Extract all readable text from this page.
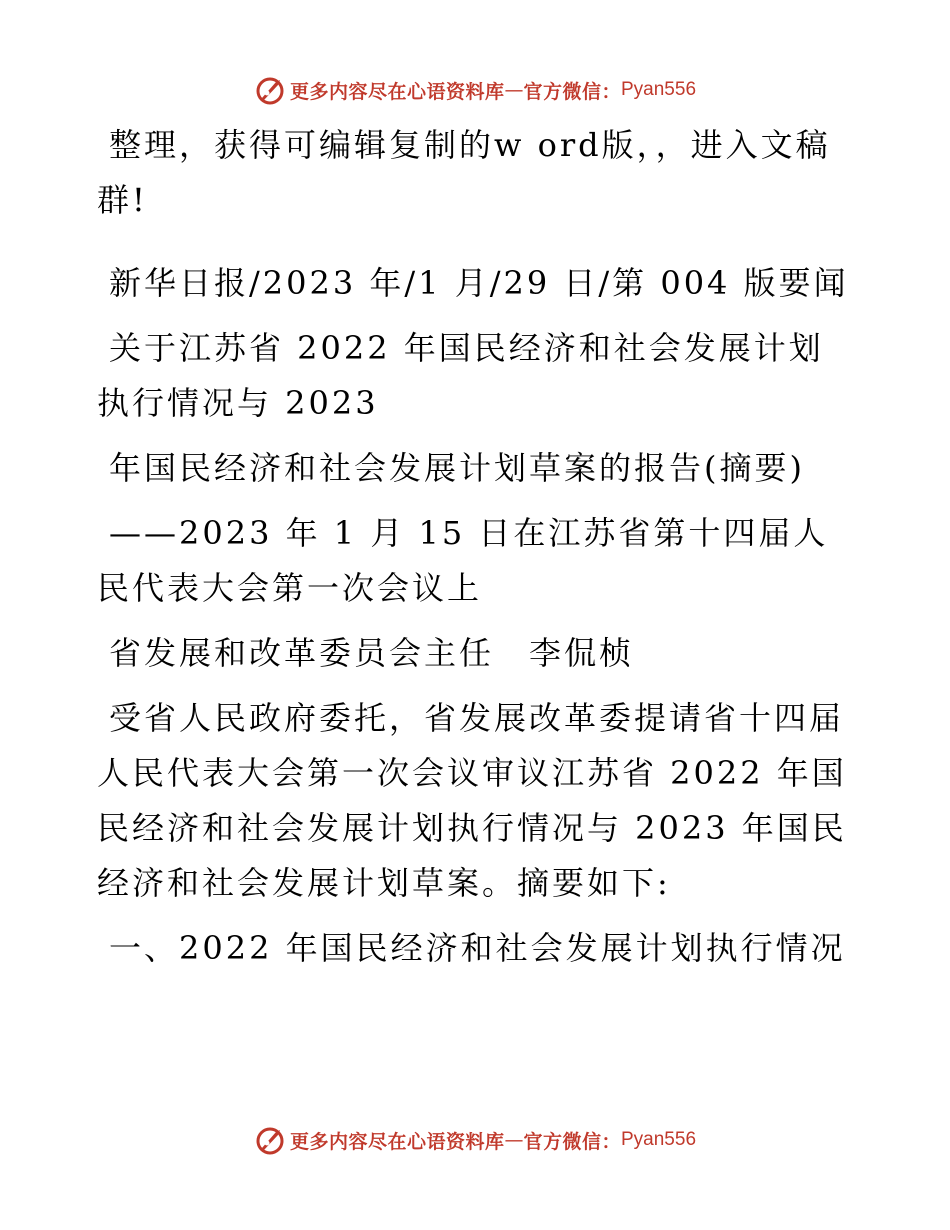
更多内容尽在心语资料库 — 官方微信： Pyan556

整理，获得可编辑复制的w ord版，，进入文稿群!

新华日报/2023 年/1 月/29 日/第 004 版要闻

关于江苏省 2022 年国民经济和社会发展计划执行情况与 2023

年国民经济和社会发展计划草案的报告(摘要)

——2023 年 1 月 15 日在江苏省第十四届人民代表大会第一次会议上

省发展和改革委员会主任　李侃桢

受省人民政府委托，省发展改革委提请省十四届人民代表大会第一次会议审议江苏省 2022 年国民经济和社会发展计划执行情况与 2023 年国民经济和社会发展计划草案。摘要如下:

一、2022 年国民经济和社会发展计划执行情况

更多内容尽在心语资料库 — 官方微信： Pyan556
